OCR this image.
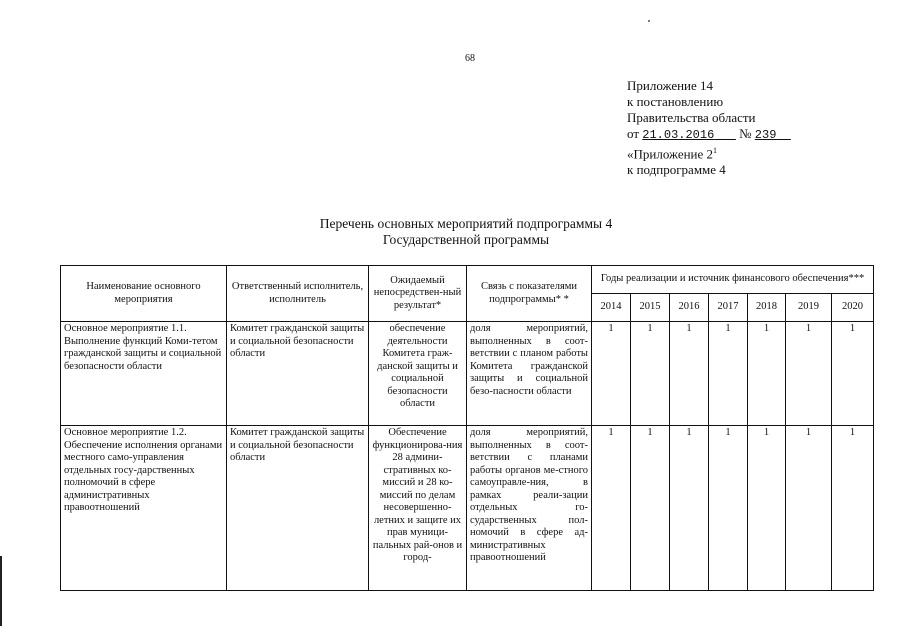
68
Приложение 14
к постановлению
Правительства области
от 21.03.2016 № 239
«Приложение $2^1$
к подпрограмме 4
Перечень основных мероприятий подпрограммы 4
Государственной программы
Наименование основного мероприятия	Ответственный исполнитель, исполнитель	Ожидаемый непосредствен-ный результат*	Связь с показателями подпрограммы* *	Годы реализации и источник финансового обеспечения***						
				2014	2015	2016	2017	2018	2019	2020
Основное мероприятие 1.1. Выполнение функций Коми-тетом гражданской защиты и социальной безопасности области	Комитет гражданской защиты и социальной безопасности области	обеспечение деятельности Комитета граж-данской защиты и социальной безопасности области	доля мероприятий, выполненных в соот-ветствии с планом работы Комитета гражданской защиты и социальной безо-пасности области	1	1	1	1	1	1	1
Основное мероприятие 1.2. Обеспечение исполнения органами местного само-управления отдельных госу-дарственных полномочий в сфере административных правоотношений	Комитет гражданской защиты и социальной безопасности области	Обеспечение функционирова-ния 28 админи-стративных ко-миссий и 28 ко-миссий по делам несовершенно-летних и защите их прав муници-пальных рай-онов и город-	доля мероприятий, выполненных в соот-ветствии с планами работы органов ме-стного самоуправле-ния, в рамках реали-зации отдельных го-сударственных пол-номочий в сфере ад-министративных правоотношений	1	1	1	1	1	1	1
